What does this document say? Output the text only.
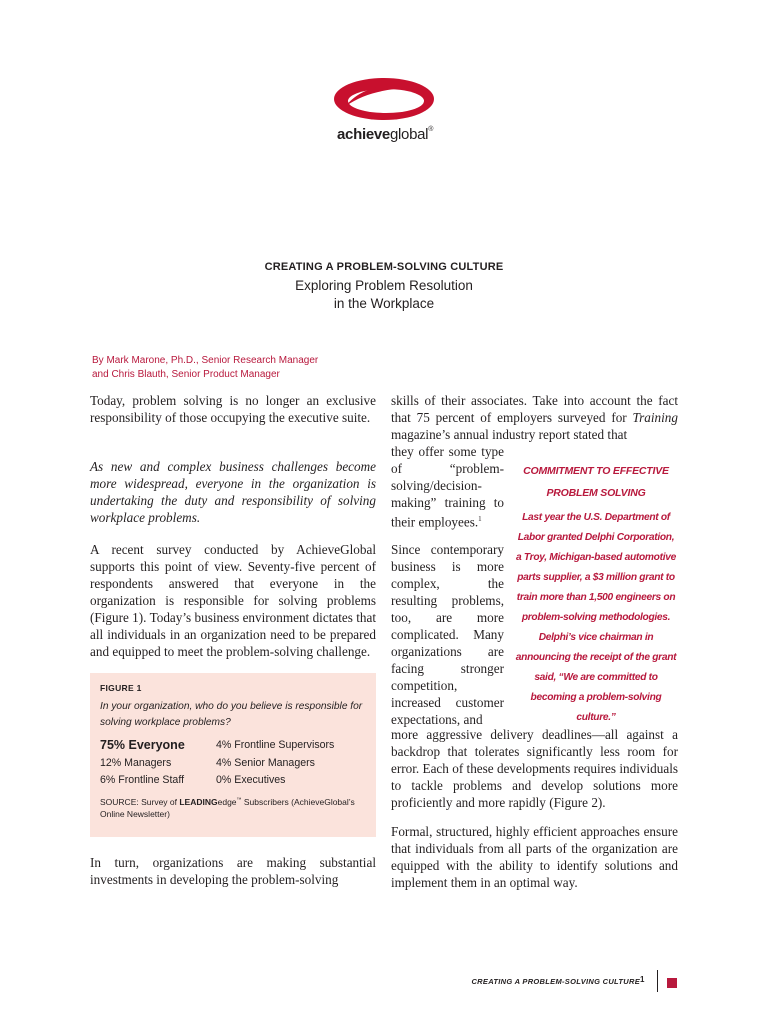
achieveglobal®
CREATING A PROBLEM-SOLVING CULTURE
Exploring Problem Resolution
in the Workplace
By Mark Marone, Ph.D., Senior Research Manager
and Chris Blauth, Senior Product Manager

Today, problem solving is no longer an exclusive responsibility of those occupying the executive suite.

As new and complex business challenges become more widespread, everyone in the organization is undertaking the duty and responsibility of solving workplace problems.

A recent survey conducted by AchieveGlobal supports this point of view. Seventy-five percent of respondents answered that everyone in the organization is responsible for solving problems (Figure 1). Today’s business environment dictates that all individuals in an organization need to be prepared and equipped to meet the problem-solving challenge.

FIGURE 1
In your organization, who do you believe is responsible for solving workplace problems?
75% Everyone	4% Frontline Supervisors
12% Managers	4% Senior Managers
6% Frontline Staff	0% Executives
SOURCE: Survey of LEADINGedge™ Subscribers (AchieveGlobal’s Online Newsletter)

In turn, organizations are making substantial investments in developing the problem-solving

skills of their associates. Take into account the fact that 75 percent of employers surveyed for Training magazine’s annual industry report stated that

they offer some type of “problem-solving/decision-making” training to their employees.$^1$

Since contemporary business is more complex, the resulting problems, too, are more complicated. Many organizations are facing stronger competition, increased customer expectations, and

more aggressive delivery deadlines—all against a backdrop that tolerates significantly less room for error. Each of these developments requires individuals to tackle problems and develop solutions more proficiently and more rapidly (Figure 2).

Formal, structured, highly efficient approaches ensure that individuals from all parts of the organization are equipped with the ability to identify solutions and implement them in an optimal way.

COMMITMENT TO EFFECTIVE
PROBLEM SOLVING
Last year the U.S. Department of Labor granted Delphi Corporation, a Troy, Michigan-based automotive parts supplier, a $3 million grant to train more than 1,500 engineers on problem-solving methodologies. Delphi’s vice chairman in announcing the receipt of the grant said, “We are committed to becoming a problem-solving culture.”
CREATING A PROBLEM-SOLVING CULTURE 1
